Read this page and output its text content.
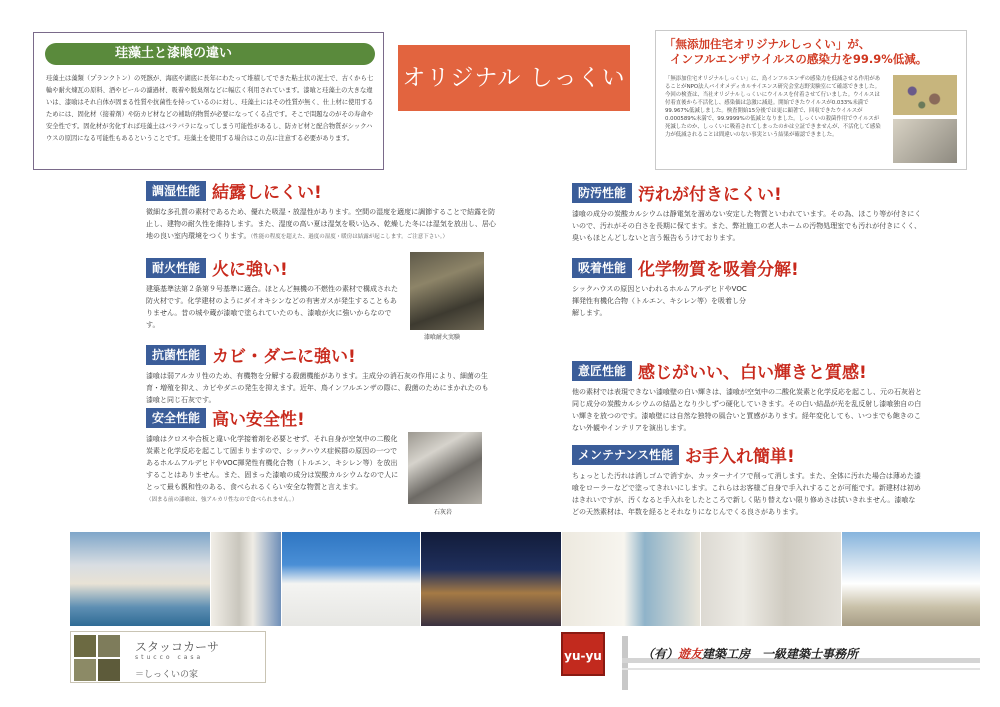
珪藻土と漆喰の違い
珪藻土は藻類（プランクトン）の死骸が、海底や湖底に長年にわたって堆積してできた粘土状の泥土で、古くから七輪や耐火煉瓦の原料、酒やビールの濾過材、吸着や脱臭剤などに幅広く利用されています。漆喰と珪藻土の大きな違いは、漆喰はそれ自体が固まる性質や抗菌性を持っているのに対し、珪藻土にはその性質が無く、仕上材に使用するためには、固化材（接着剤）や防カビ材などの補助的物質が必要になってくる点です。そこで問題なのがその寿命や安全性です。固化材が劣化すれば珪藻土はバラバラになってしまう可能性があるし、防カビ材と配合物質がシックハウスの原因になる可能性もあるということです。珪藻土を使用する場合はこの点に注意する必要があります。
オリジナル しっくい
「無添加住宅オリジナルしっくい」が、
インフルエンザウイルスの感染力を99.9%低減。
「無添加住宅オリジナルしっくい」に、鳥インフルエンザの感染力を低減させる作用があることがNPO法人バイオメディカルサイエンス研究会堂志野実験室にて確認できました。今回の検査は、当社オリジナルしっくいにウイルスを付着させて行いました。ウイルスは付着直後から不活化し、感染価は急激に減退。開始できたウイルスが0.033%未満で99.967%低減しました。検査開始15分後では更に顕著で、回収できたウイルスが0.000589%未満で、99.9999%の低減となりました。しっくいの殺菌作用でウイルスが死滅したのか、しっくいに吸着されてしまったのかは立証できませんが、不活化して感染力が低減されることは間違いのない事実という結果が確認できました。
調湿性能 結露しにくい!
微細な多孔質の素材であるため、優れた吸湿・放湿性があります。空間の湿度を適度に調節することで結露を防止し、建物の耐久性を維持します。また、湿度の高い夏は湿気を吸い込み、乾燥した冬には湿気を放出し、居心地の良い室内環境をつくります。（性能の程度を超えた、過度の湿度・暖房は結露が起こします。ご注意下さい。）
耐火性能 火に強い!
建築基準法第２条第９号基準に適合。ほとんど無機の不燃性の素材で構成された防火材です。化学建材のようにダイオキシンなどの有害ガスが発生することもありません。昔の城や蔵が漆喰で塗られていたのも、漆喰が火に強いからなのです。
漆喰耐火実験
抗菌性能 カビ・ダニに強い!
漆喰は弱アルカリ性のため、有機物を分解する殺菌機能があります。主成分の消石灰の作用により、細菌の生育・増殖を抑え、カビやダニの発生を抑えます。近年、鳥インフルエンザの際に、殺菌のためにまかれたのも漆喰と同じ石灰です。
安全性能 高い安全性!
漆喰はクロスや合板と違い化学接着剤を必要とせず、それ自身が空気中の二酸化炭素と化学反応を起こして固まりますので、シックハウス症候群の原因の一つであるホルムアルデヒドやVOC揮発性有機化合物（トルエン、キシレン等）を放出することはありません。また、固まった漆喰の成分は炭酸カルシウムなので人にとって最も親和性のある、食べられるくらい安全な物質と言えます。
（固まる前の漆喰は、強アルカリ性なので食べられません。）
石灰岩
防汚性能 汚れが付きにくい!
漆喰の成分の炭酸カルシウムは静電気を溜めない安定した物質といわれています。その為、ほこり等が付きにくいので、汚れがその白さを長期に保てます。また、弊社施工の老人ホームの汚物処理室でも汚れが付きにくく、臭いもほとんどしないと言う報告もうけております。
吸着性能 化学物質を吸着分解!
シックハウスの原因といわれるホルムアルデヒドやVOC揮発性有機化合物（トルエン、キシレン等）を吸着し分解します。
意匠性能 感じがいい、白い輝きと質感!
他の素材では表現できない漆喰壁の白い輝きは、漆喰が空気中の二酸化炭素と化学反応を起こし、元の石灰岩と同じ成分の炭酸カルシウムの結晶となり少しずつ硬化していきます。その白い結晶が光を乱反射し漆喰独自の白い輝きを放つのです。漆喰壁には自然な独特の風合いと質感があります。経年変化しても、いつまでも飽きのこない外観やインテリアを演出します。
メンテナンス性能 お手入れ簡単!
ちょっとした汚れは消しゴムで消すか、カッターナイフで削って消します。また、全体に汚れた場合は薄めた漆喰をローラーなどで塗ってきれいにします。これらはお客様ご自身で手入れすることが可能です。新建材は初めはきれいですが、汚くなると手入れをしたところで新しく貼り替えない限り修めさは拭いきれません。漆喰などの天然素材は、年数を経るとそれなりになじんでくる良さがあります。
スタッコカーサ
stucco casa
＝しっくいの家
yu-yu	（有）遊友建築工房　一級建築士事務所
